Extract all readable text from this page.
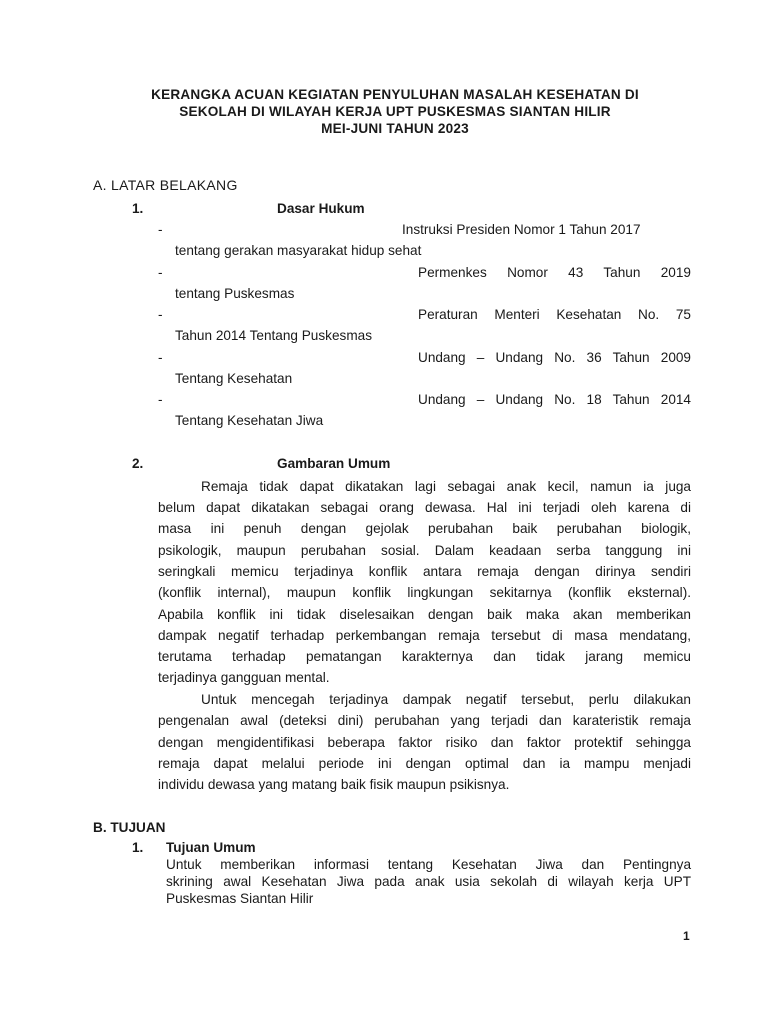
KERANGKA ACUAN KEGIATAN PENYULUHAN MASALAH KESEHATAN DI
SEKOLAH DI WILAYAH KERJA UPT PUSKESMAS SIANTAN HILIR
MEI-JUNI TAHUN 2023
A. LATAR BELAKANG
1.	Dasar Hukum
-	Instruksi Presiden Nomor 1 Tahun 2017
tentang gerakan masyarakat hidup sehat
-	Permenkes Nomor 43 Tahun 2019
tentang Puskesmas
-	Peraturan Menteri Kesehatan No. 75
Tahun 2014 Tentang Puskesmas
-	Undang – Undang No. 36 Tahun 2009
Tentang Kesehatan
-	Undang – Undang No. 18 Tahun 2014
Tentang Kesehatan Jiwa
2.	Gambaran Umum
Remaja tidak dapat dikatakan lagi sebagai anak kecil, namun ia juga
belum dapat dikatakan sebagai orang dewasa. Hal ini terjadi oleh karena di
masa ini penuh dengan gejolak perubahan baik perubahan biologik,
psikologik, maupun perubahan sosial. Dalam keadaan serba tanggung ini
seringkali memicu terjadinya konflik antara remaja dengan dirinya sendiri
(konflik internal), maupun konflik lingkungan sekitarnya (konflik eksternal).
Apabila konflik ini tidak diselesaikan dengan baik maka akan memberikan
dampak negatif terhadap perkembangan remaja tersebut di masa mendatang,
terutama terhadap pematangan karakternya dan tidak jarang memicu
terjadinya gangguan mental.
Untuk mencegah terjadinya dampak negatif tersebut, perlu dilakukan
pengenalan awal (deteksi dini) perubahan yang terjadi dan karateristik remaja
dengan mengidentifikasi beberapa faktor risiko dan faktor protektif sehingga
remaja dapat melalui periode ini dengan optimal dan ia mampu menjadi
individu dewasa yang matang baik fisik maupun psikisnya.
B. TUJUAN
1. Tujuan Umum
Untuk memberikan informasi tentang Kesehatan Jiwa dan Pentingnya
skrining awal Kesehatan Jiwa pada anak usia sekolah di wilayah kerja UPT
Puskesmas Siantan Hilir
1
